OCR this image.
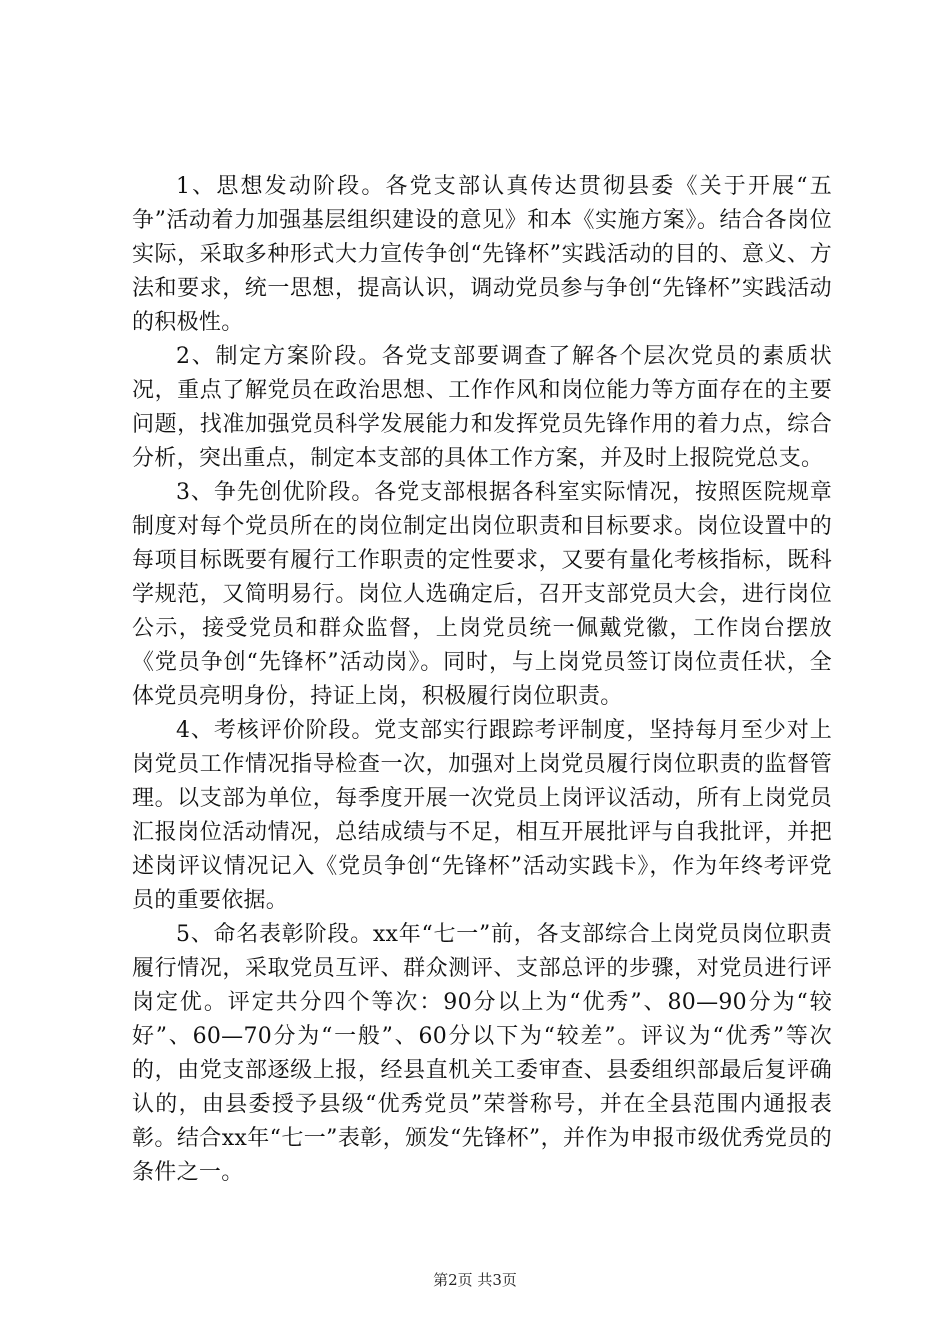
1、思想发动阶段。各党支部认真传达贯彻县委《关于开展“五争”活动着力加强基层组织建设的意见》和本《实施方案》。结合各岗位实际，采取多种形式大力宣传争创“先锋杯”实践活动的目的、意义、方法和要求，统一思想，提高认识，调动党员参与争创“先锋杯”实践活动的积极性。

2、制定方案阶段。各党支部要调查了解各个层次党员的素质状况，重点了解党员在政治思想、工作作风和岗位能力等方面存在的主要问题，找准加强党员科学发展能力和发挥党员先锋作用的着力点，综合分析，突出重点，制定本支部的具体工作方案，并及时上报院党总支。

3、争先创优阶段。各党支部根据各科室实际情况，按照医院规章制度对每个党员所在的岗位制定出岗位职责和目标要求。岗位设置中的每项目标既要有履行工作职责的定性要求，又要有量化考核指标，既科学规范，又简明易行。岗位人选确定后，召开支部党员大会，进行岗位公示，接受党员和群众监督，上岗党员统一佩戴党徽，工作岗台摆放《党员争创“先锋杯”活动岗》。同时，与上岗党员签订岗位责任状，全体党员亮明身份，持证上岗，积极履行岗位职责。

4、考核评价阶段。党支部实行跟踪考评制度，坚持每月至少对上岗党员工作情况指导检查一次，加强对上岗党员履行岗位职责的监督管理。以支部为单位，每季度开展一次党员上岗评议活动，所有上岗党员汇报岗位活动情况，总结成绩与不足，相互开展批评与自我批评，并把述岗评议情况记入《党员争创“先锋杯”活动实践卡》，作为年终考评党员的重要依据。

5、命名表彰阶段。xx年“七一”前，各支部综合上岗党员岗位职责履行情况，采取党员互评、群众测评、支部总评的步骤，对党员进行评岗定优。评定共分四个等次：90分以上为“优秀”、80—90分为“较好”、60—70分为“一般”、60分以下为“较差”。评议为“优秀”等次的，由党支部逐级上报，经县直机关工委审查、县委组织部最后复评确认的，由县委授予县级“优秀党员”荣誉称号，并在全县范围内通报表彰。结合xx年“七一”表彰，颁发“先锋杯”，并作为申报市级优秀党员的条件之一。

第2页 共3页
